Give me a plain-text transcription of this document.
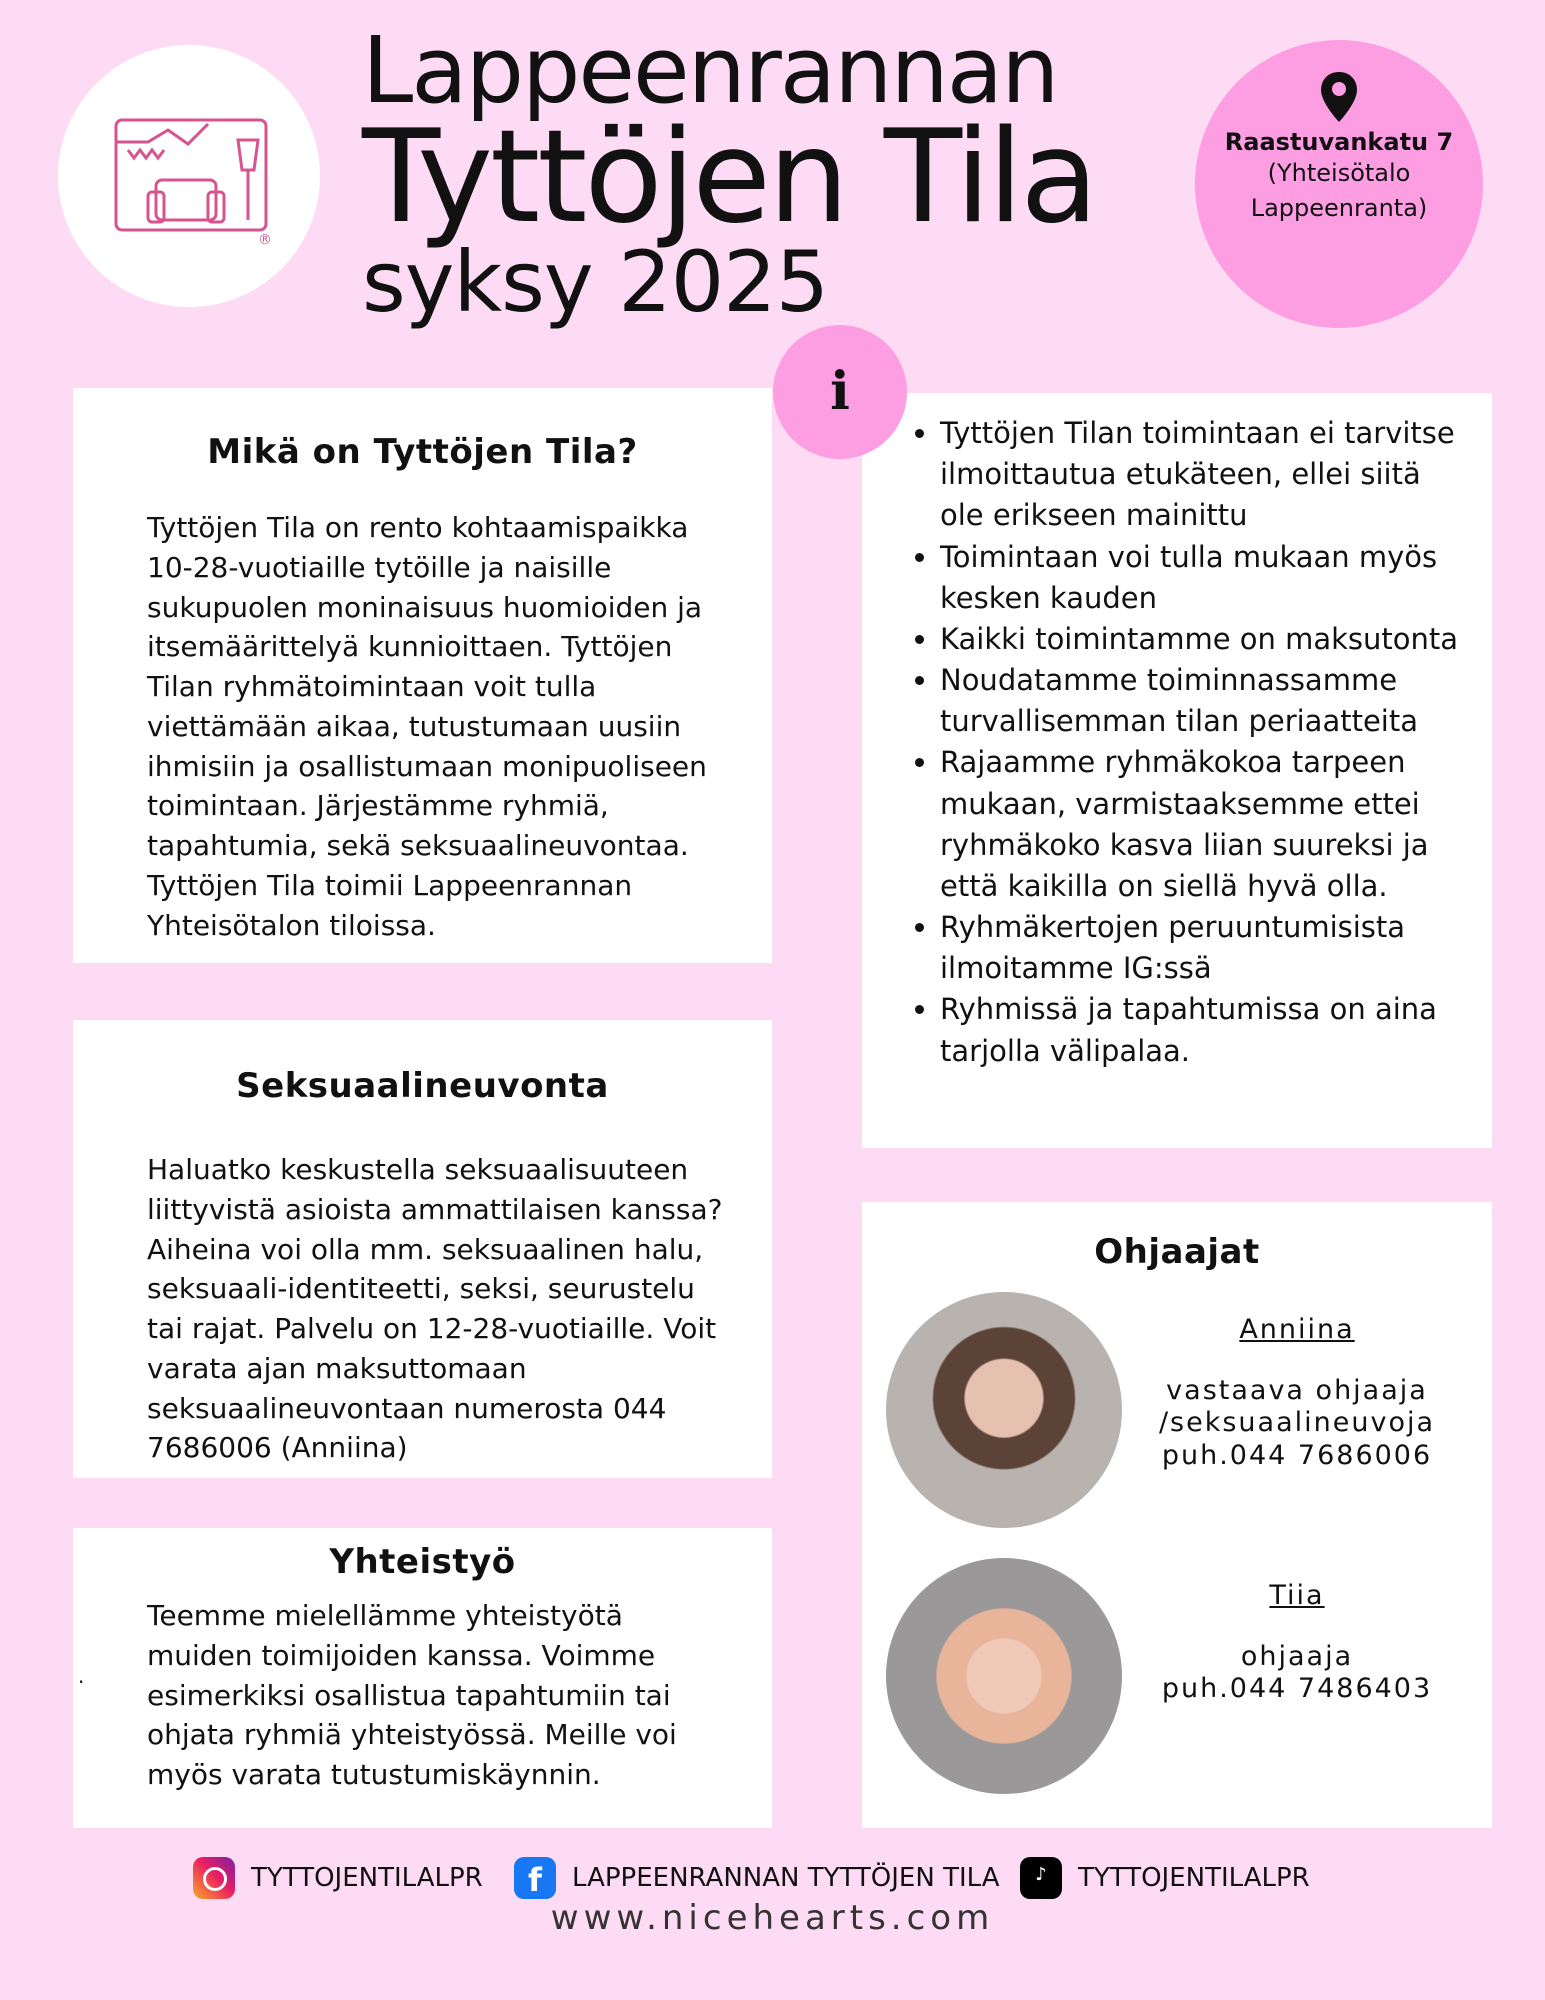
®
Lappeenrannan
Tyttöjen Tila
syksy 2025
Raastuvankatu 7
(Yhteisötalo
Lappeenranta)
i
Mikä on Tyttöjen Tila?

Tyttöjen Tila on rento kohtaamispaikka 10-28-vuotiaille tytöille ja naisille sukupuolen moninaisuus huomioiden ja itsemäärittelyä kunnioittaen. Tyttöjen Tilan ryhmätoimintaan voit tulla viettämään aikaa, tutustumaan uusiin ihmisiin ja osallistumaan monipuoliseen toimintaan. Järjestämme ryhmiä, tapahtumia, sekä seksuaalineuvontaa. Tyttöjen Tila toimii Lappeenrannan Yhteisötalon tiloissa.

Seksuaalineuvonta

Haluatko keskustella seksuaalisuuteen liittyvistä asioista ammattilaisen kanssa? Aiheina voi olla mm. seksuaalinen halu, seksuaali-identiteetti, seksi, seurustelu tai rajat. Palvelu on 12-28-vuotiaille. Voit varata ajan maksuttomaan seksuaalineuvontaan numerosta 044 7686006 (Anniina)

Yhteistyö

Teemme mielellämme yhteistyötä muiden toimijoiden kanssa. Voimme esimerkiksi osallistua tapahtumiin tai ohjata ryhmiä yhteistyössä. Meille voi myös varata tutustumiskäynnin.

·
• Tyttöjen Tilan toimintaan ei tarvitse ilmoittautua etukäteen, ellei siitä ole erikseen mainittu
• Toimintaan voi tulla mukaan myös kesken kauden
• Kaikki toimintamme on maksutonta
• Noudatamme toiminnassamme turvallisemman tilan periaatteita
• Rajaamme ryhmäkokoa tarpeen mukaan, varmistaaksemme ettei ryhmäkoko kasva liian suureksi ja että kaikilla on siellä hyvä olla.
• Ryhmäkertojen peruuntumisista ilmoitamme IG:ssä
• Ryhmissä ja tapahtumissa on aina tarjolla välipalaa.
Ohjaajat
Anniina
vastaava ohjaaja
/seksuaalineuvoja
puh.044 7686006
Tiia
ohjaaja
puh.044 7486403
TYTTOJENTILALPR f	LAPPEENRANNAN TYTTÖJEN TILA ♪	TYTTOJENTILALPR
www.nicehearts.com
